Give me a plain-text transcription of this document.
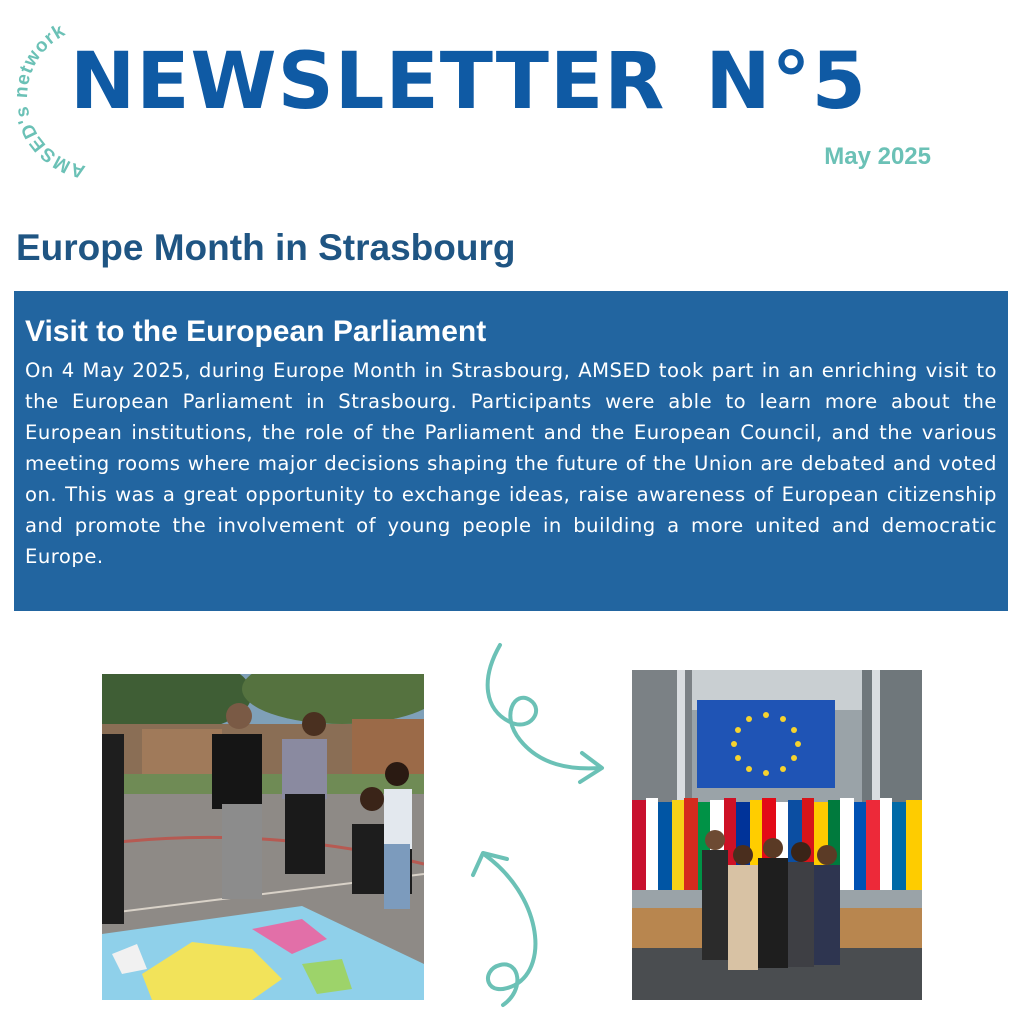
AMSED's network
NEWSLETTER N°5
May 2025
Europe Month in Strasbourg
Visit to the European Parliament

On 4 May 2025, during Europe Month in Strasbourg, AMSED took part in an enriching visit to the European Parliament in Strasbourg. Participants were able to learn more about the European institutions, the role of the Parliament and the European Council, and the various meeting rooms where major decisions shaping the future of the Union are debated and voted on. This was a great opportunity to exchange ideas, raise awareness of European citizenship and promote the involvement of young people in building a more united and democratic Europe.
